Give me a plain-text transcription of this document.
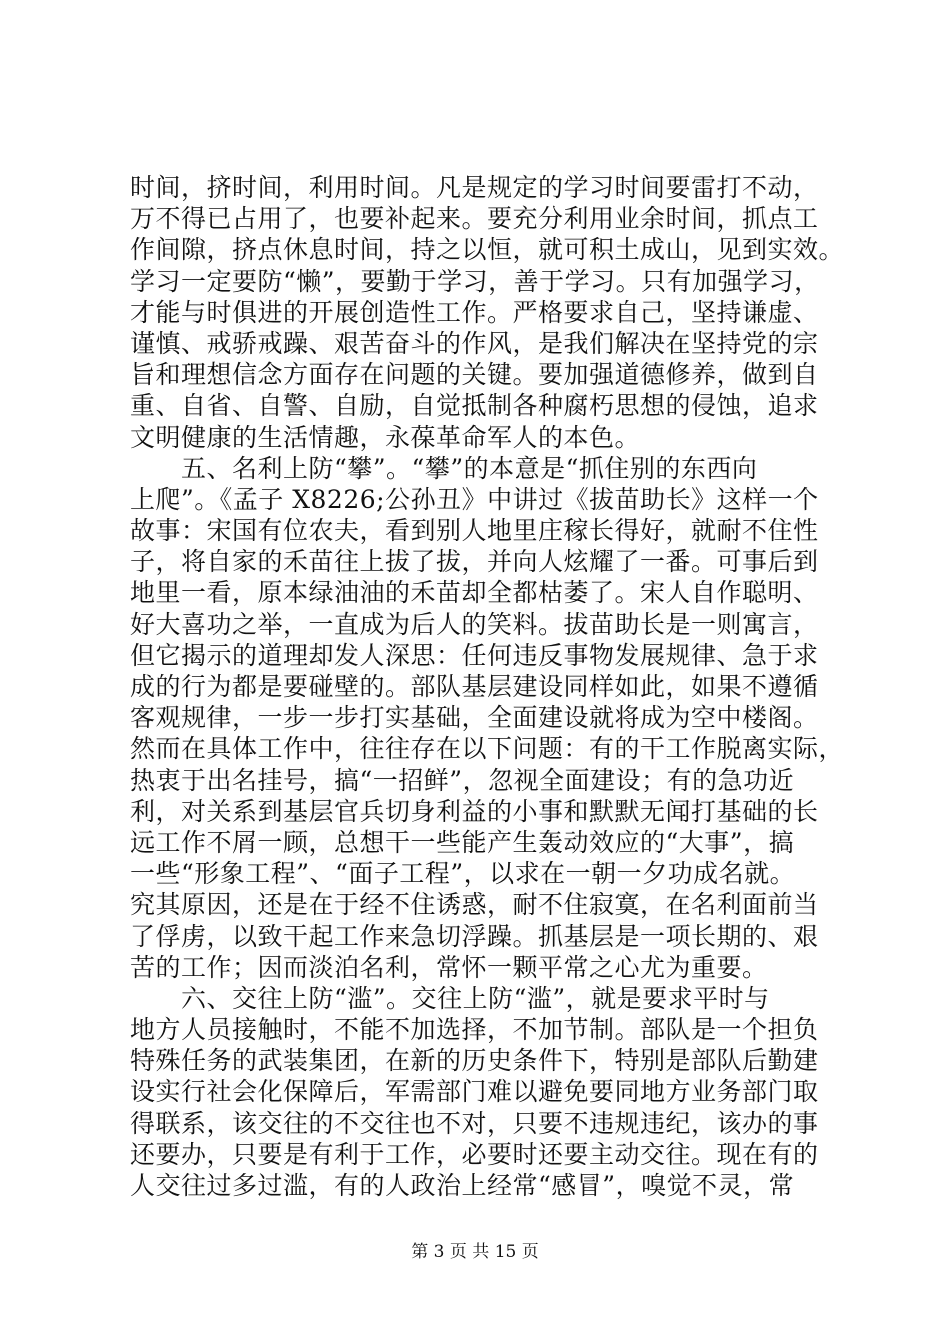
时间，挤时间，利用时间。凡是规定的学习时间要雷打不动，
万不得已占用了，也要补起来。要充分利用业余时间，抓点工
作间隙，挤点休息时间，持之以恒，就可积土成山，见到实效。
学习一定要防“懒”，要勤于学习，善于学习。只有加强学习，
才能与时俱进的开展创造性工作。严格要求自己，坚持谦虚、
谨慎、戒骄戒躁、艰苦奋斗的作风，是我们解决在坚持党的宗
旨和理想信念方面存在问题的关键。要加强道德修养，做到自
重、自省、自警、自励，自觉抵制各种腐朽思想的侵蚀，追求
文明健康的生活情趣，永葆革命军人的本色。
　　五、名利上防“攀”。“攀”的本意是“抓住别的东西向
上爬”。《孟子 X8226;公孙丑》中讲过《拔苗助长》这样一个
故事：宋国有位农夫，看到别人地里庄稼长得好，就耐不住性
子，将自家的禾苗往上拔了拔，并向人炫耀了一番。可事后到
地里一看，原本绿油油的禾苗却全都枯萎了。宋人自作聪明、
好大喜功之举，一直成为后人的笑料。拔苗助长是一则寓言，
但它揭示的道理却发人深思：任何违反事物发展规律、急于求
成的行为都是要碰壁的。部队基层建设同样如此，如果不遵循
客观规律，一步一步打实基础，全面建设就将成为空中楼阁。
然而在具体工作中，往往存在以下问题：有的干工作脱离实际，
热衷于出名挂号，搞“一招鲜”，忽视全面建设；有的急功近
利，对关系到基层官兵切身利益的小事和默默无闻打基础的长
远工作不屑一顾，总想干一些能产生轰动效应的“大事”，搞
一些“形象工程”、“面子工程”，以求在一朝一夕功成名就。
究其原因，还是在于经不住诱惑，耐不住寂寞，在名利面前当
了俘虏，以致干起工作来急切浮躁。抓基层是一项长期的、艰
苦的工作；因而淡泊名利，常怀一颗平常之心尤为重要。
　　六、交往上防“滥”。交往上防“滥”，就是要求平时与
地方人员接触时，不能不加选择，不加节制。部队是一个担负
特殊任务的武装集团，在新的历史条件下，特别是部队后勤建
设实行社会化保障后，军需部门难以避免要同地方业务部门取
得联系，该交往的不交往也不对，只要不违规违纪，该办的事
还要办，只要是有利于工作，必要时还要主动交往。现在有的
人交往过多过滥，有的人政治上经常“感冒”，嗅觉不灵，常
第 3 页 共 15 页
